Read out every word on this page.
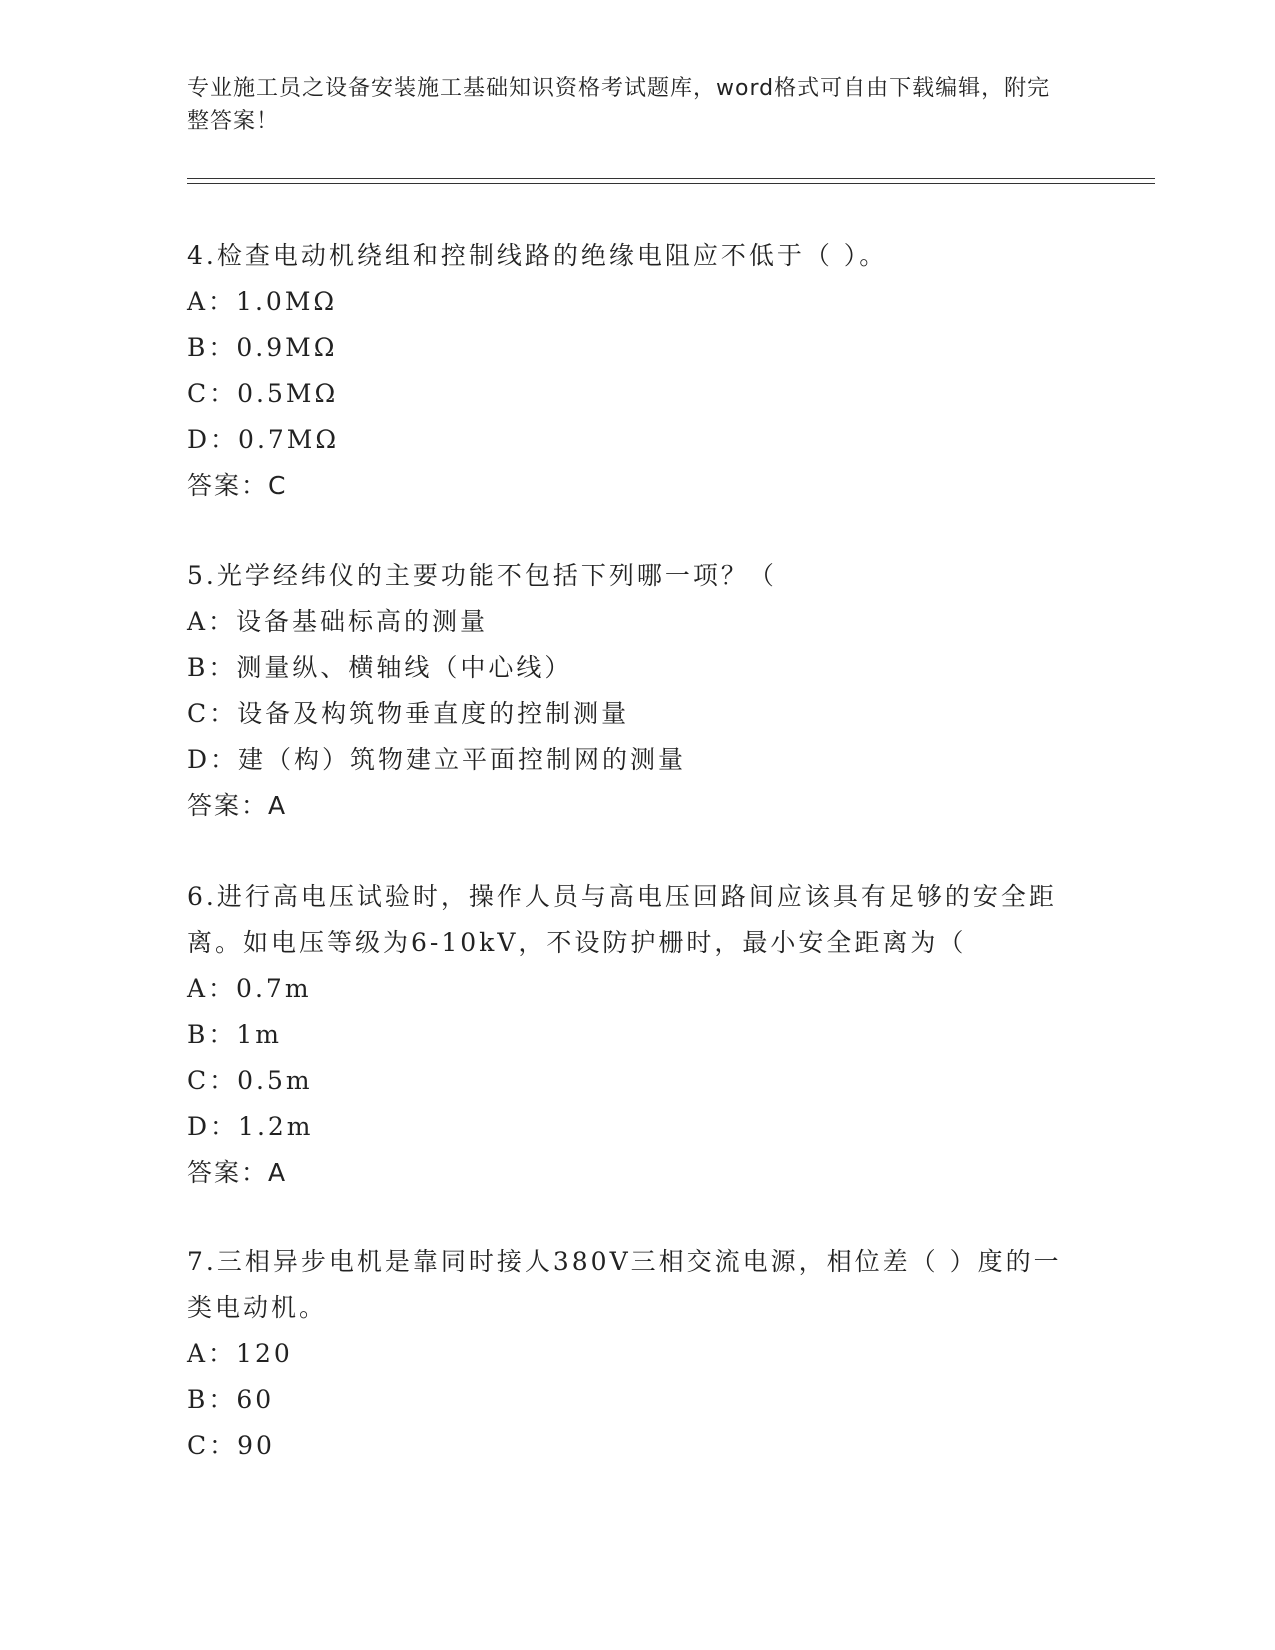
专业施工员之设备安装施工基础知识资格考试题库，word格式可自由下载编辑，附完整答案！
4.检查电动机绕组和控制线路的绝缘电阻应不低于（ ）。
A：1.0MΩ
B：0.9MΩ
C：0.5MΩ
D：0.7MΩ
答案：C
5.光学经纬仪的主要功能不包括下列哪一项？（
A：设备基础标高的测量
B：测量纵、横轴线（中心线）
C：设备及构筑物垂直度的控制测量
D：建（构）筑物建立平面控制网的测量
答案：A
6.进行高电压试验时，操作人员与高电压回路间应该具有足够的安全距离。如电压等级为6-10kV，不设防护栅时，最小安全距离为（
A：0.7m
B：1m
C：0.5m
D：1.2m
答案：A
7.三相异步电机是靠同时接人380V三相交流电源，相位差（ ）度的一类电动机。
A：120
B：60
C：90
